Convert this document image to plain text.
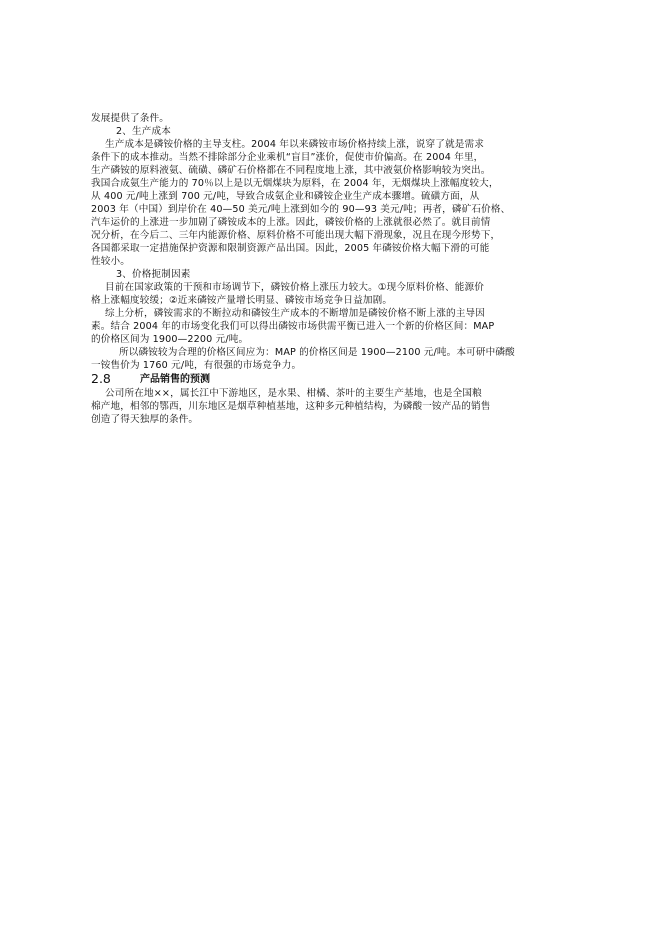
发展提供了条件。
2、生产成本
生产成本是磷铵价格的主导支柱。2004 年以来磷铵市场价格持续上涨，说穿了就是需求
条件下的成本推动。当然不排除部分企业乘机“盲目”涨价，促使市价偏高。在 2004 年里，
生产磷铵的原料液氨、硫磺、磷矿石价格都在不同程度地上涨，其中液氨价格影响较为突出。
我国合成氨生产能力的 70％以上是以无烟煤块为原料，在 2004 年，无烟煤块上涨幅度较大，
从 400 元/吨上涨到 700 元/吨，导致合成氨企业和磷铵企业生产成本骤增。硫磺方面，从
2003 年（中国）到岸价在 40—50 美元/吨上涨到如今的 90—93 美元/吨；再者，磷矿石价格、
汽车运价的上涨进一步加剧了磷铵成本的上涨。因此，磷铵价格的上涨就很必然了。就目前情
况分析，在今后二、三年内能源价格、原料价格不可能出现大幅下滑现象，况且在现今形势下，
各国都采取一定措施保护资源和限制资源产品出国。因此，2005 年磷铵价格大幅下滑的可能
性较小。
3、价格扼制因素
目前在国家政策的干预和市场调节下，磷铵价格上涨压力较大。①现今原料价格、能源价
格上涨幅度较缓；②近来磷铵产量增长明显、磷铵市场竞争日益加剧。
综上分析，磷铵需求的不断拉动和磷铵生产成本的不断增加是磷铵价格不断上涨的主导因
素。结合 2004 年的市场变化我们可以得出磷铵市场供需平衡已进入一个新的价格区间：MAP
的价格区间为 1900—2200 元/吨。
所以磷铵较为合理的价格区间应为：MAP 的价格区间是 1900—2100 元/吨。本可研中磷酸
一铵售价为 1760 元/吨，有很强的市场竞争力。
2.8	产品销售的预测
公司所在地××，属长江中下游地区，是水果、柑橘、茶叶的主要生产基地，也是全国粮
棉产地，相邻的鄂西，川东地区是烟草种植基地，这种多元种植结构，为磷酸一铵产品的销售
创造了得天独厚的条件。
